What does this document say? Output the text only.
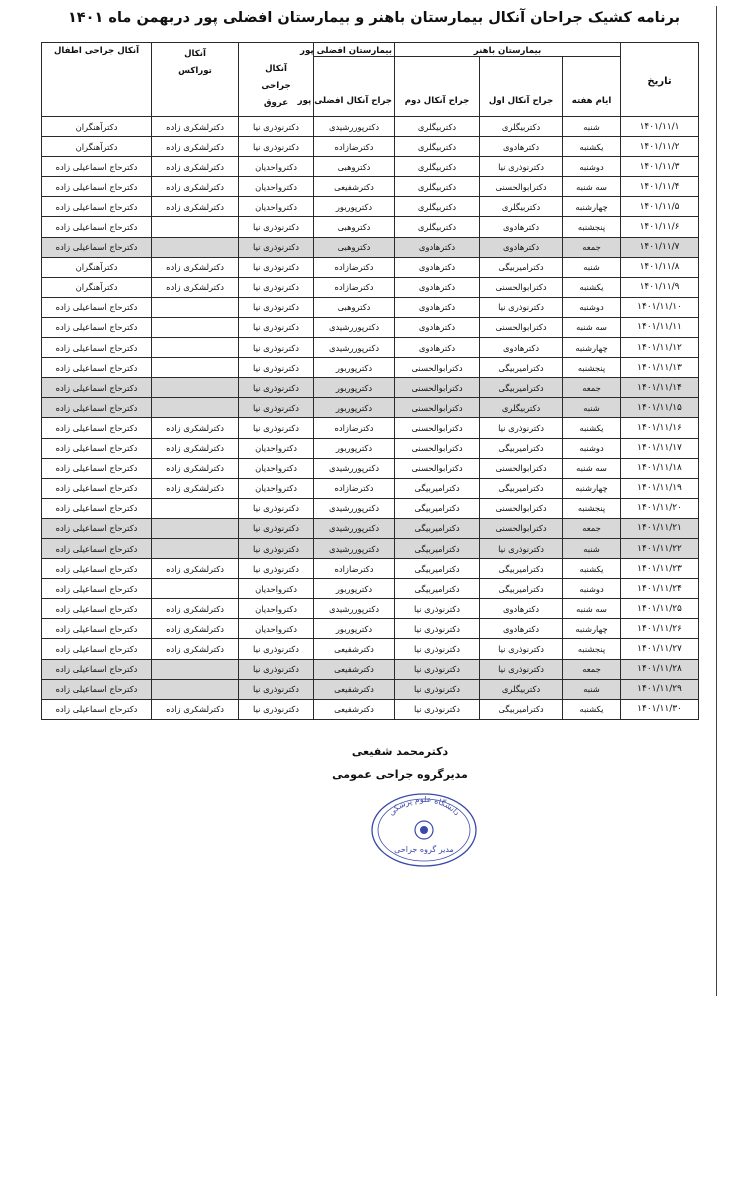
برنامه کشیک جراحان آنکال بیمارستان باهنر و بیمارستان افضلی پور دربهمن ماه ۱۴۰۱
تاریخ	بیمارستان باهنر			بیمارستان افضلی پور	آنکال جراحی عروق	آنکال توراکس	آنکال جراحی اطفال
	ایام هفته	جراح آنکال اول	جراح آنکال دوم	جراح آنکال افضلی پور			
۱۴۰۱/۱۱/۱	شنبه	دکتربیگلری	دکتربیگلری	دکترپوررشیدی	دکترنوذری نیا	دکترلشکری زاده	دکترآهنگران
۱۴۰۱/۱۱/۲	یکشنبه	دکترهادوی	دکتربیگلری	دکترضازاده	دکترنوذری نیا	دکترلشکری زاده	دکترآهنگران
۱۴۰۱/۱۱/۳	دوشنبه	دکترنوذری نیا	دکتربیگلری	دکتروهبی	دکترواحدیان	دکترلشکری زاده	دکترحاج اسماعیلی زاده
۱۴۰۱/۱۱/۴	سه شنبه	دکترابوالحسنی	دکتربیگلری	دکترشفیعی	دکترواحدیان	دکترلشکری زاده	دکترحاج اسماعیلی زاده
۱۴۰۱/۱۱/۵	چهارشنبه	دکتربیگلری	دکتربیگلری	دکترپوربور	دکترواحدیان	دکترلشکری زاده	دکترحاج اسماعیلی زاده
۱۴۰۱/۱۱/۶	پنجشنبه	دکترهادوی	دکتربیگلری	دکتروهبی	دکترنوذری نیا		دکترحاج اسماعیلی زاده
۱۴۰۱/۱۱/۷	جمعه	دکترهادوی	دکترهادوی	دکتروهبی	دکترنوذری نیا		دکترحاج اسماعیلی زاده
۱۴۰۱/۱۱/۸	شنبه	دکترامیربیگی	دکترهادوی	دکترضازاده	دکترنوذری نیا	دکترلشکری زاده	دکترآهنگران
۱۴۰۱/۱۱/۹	یکشنبه	دکترابوالحسنی	دکترهادوی	دکترضازاده	دکترنوذری نیا	دکترلشکری زاده	دکترآهنگران
۱۴۰۱/۱۱/۱۰	دوشنبه	دکترنوذری نیا	دکترهادوی	دکتروهبی	دکترنوذری نیا		دکترحاج اسماعیلی زاده
۱۴۰۱/۱۱/۱۱	سه شنبه	دکترابوالحسنی	دکترهادوی	دکترپوررشیدی	دکترنوذری نیا		دکترحاج اسماعیلی زاده
۱۴۰۱/۱۱/۱۲	چهارشنبه	دکترهادوی	دکترهادوی	دکترپوررشیدی	دکترنوذری نیا		دکترحاج اسماعیلی زاده
۱۴۰۱/۱۱/۱۳	پنجشنبه	دکترامیربیگی	دکترابوالحسنی	دکترپوربور	دکترنوذری نیا		دکترحاج اسماعیلی زاده
۱۴۰۱/۱۱/۱۴	جمعه	دکترامیربیگی	دکترابوالحسنی	دکترپوربور	دکترنوذری نیا		دکترحاج اسماعیلی زاده
۱۴۰۱/۱۱/۱۵	شنبه	دکتربیگلری	دکترابوالحسنی	دکترپوربور	دکترنوذری نیا		دکترحاج اسماعیلی زاده
۱۴۰۱/۱۱/۱۶	یکشنبه	دکترنوذری نیا	دکترابوالحسنی	دکترضازاده	دکترنوذری نیا	دکترلشکری زاده	دکترحاج اسماعیلی زاده
۱۴۰۱/۱۱/۱۷	دوشنبه	دکترامیربیگی	دکترابوالحسنی	دکترپوربور	دکترواحدیان	دکترلشکری زاده	دکترحاج اسماعیلی زاده
۱۴۰۱/۱۱/۱۸	سه شنبه	دکترابوالحسنی	دکترابوالحسنی	دکترپوررشیدی	دکترواحدیان	دکترلشکری زاده	دکترحاج اسماعیلی زاده
۱۴۰۱/۱۱/۱۹	چهارشنبه	دکترامیربیگی	دکترامیربیگی	دکترضازاده	دکترواحدیان	دکترلشکری زاده	دکترحاج اسماعیلی زاده
۱۴۰۱/۱۱/۲۰	پنجشنبه	دکترابوالحسنی	دکترامیربیگی	دکترپوررشیدی	دکترنوذری نیا		دکترحاج اسماعیلی زاده
۱۴۰۱/۱۱/۲۱	جمعه	دکترابوالحسنی	دکترامیربیگی	دکترپوررشیدی	دکترنوذری نیا		دکترحاج اسماعیلی زاده
۱۴۰۱/۱۱/۲۲	شنبه	دکترنوذری نیا	دکترامیربیگی	دکترپوررشیدی	دکترنوذری نیا		دکترحاج اسماعیلی زاده
۱۴۰۱/۱۱/۲۳	یکشنبه	دکترامیربیگی	دکترامیربیگی	دکترضازاده	دکترنوذری نیا	دکترلشکری زاده	دکترحاج اسماعیلی زاده
۱۴۰۱/۱۱/۲۴	دوشنبه	دکترامیربیگی	دکترامیربیگی	دکترپوربور	دکترواحدیان		دکترحاج اسماعیلی زاده
۱۴۰۱/۱۱/۲۵	سه شنبه	دکترهادوی	دکترنوذری نیا	دکترپوررشیدی	دکترواحدیان	دکترلشکری زاده	دکترحاج اسماعیلی زاده
۱۴۰۱/۱۱/۲۶	چهارشنبه	دکترهادوی	دکترنوذری نیا	دکترپوربور	دکترواحدیان	دکترلشکری زاده	دکترحاج اسماعیلی زاده
۱۴۰۱/۱۱/۲۷	پنجشنبه	دکترنوذری نیا	دکترنوذری نیا	دکترشفیعی	دکترنوذری نیا	دکترلشکری زاده	دکترحاج اسماعیلی زاده
۱۴۰۱/۱۱/۲۸	جمعه	دکترنوذری نیا	دکترنوذری نیا	دکترشفیعی	دکترنوذری نیا		دکترحاج اسماعیلی زاده
۱۴۰۱/۱۱/۲۹	شنبه	دکتربیگلری	دکترنوذری نیا	دکترشفیعی	دکترنوذری نیا		دکترحاج اسماعیلی زاده
۱۴۰۱/۱۱/۳۰	یکشنبه	دکترامیربیگی	دکترنوذری نیا	دکترشفیعی	دکترنوذری نیا	دکترلشکری زاده	دکترحاج اسماعیلی زاده
دکترمحمد شفیعی
مدیرگروه جراحی عمومی
دانشگاه علوم پزشکی
مدیر گروه جراحی
